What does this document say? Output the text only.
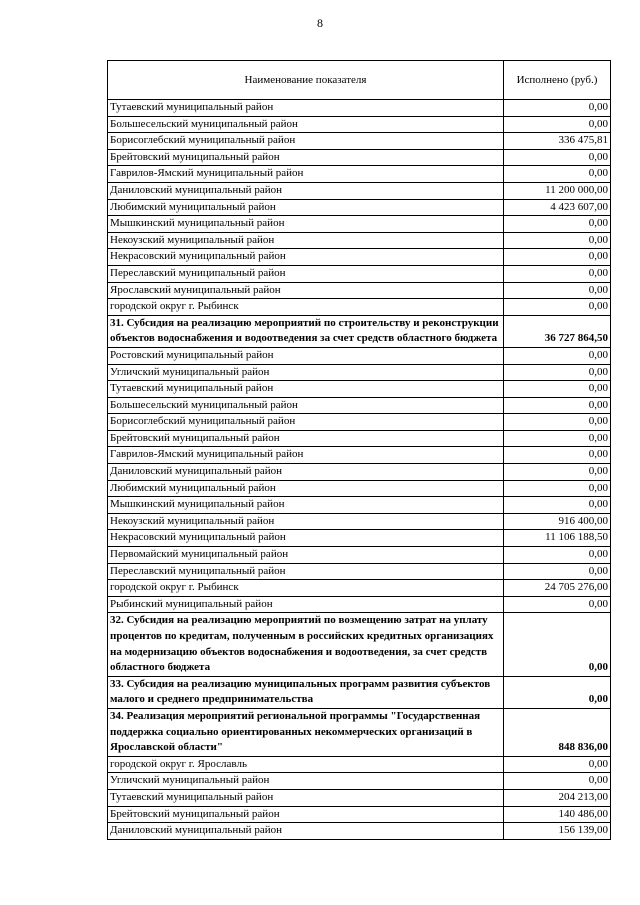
8
Наименование показателя	Исполнено (руб.)
Тутаевский муниципальный район	0,00
Большесельский муниципальный район	0,00
Борисоглебский муниципальный район	336 475,81
Брейтовский муниципальный район	0,00
Гаврилов-Ямский муниципальный район	0,00
Даниловский муниципальный район	11 200 000,00
Любимский муниципальный район	4 423 607,00
Мышкинский муниципальный район	0,00
Некоузский муниципальный район	0,00
Некрасовский муниципальный район	0,00
Переславский муниципальный район	0,00
Ярославский муниципальный район	0,00
городской округ г. Рыбинск	0,00
31. Субсидия на реализацию мероприятий по строительству и реконструкции объектов водоснабжения и водоотведения за счет средств областного бюджета	36 727 864,50
Ростовский муниципальный район	0,00
Угличский муниципальный район	0,00
Тутаевский муниципальный район	0,00
Большесельский муниципальный район	0,00
Борисоглебский муниципальный район	0,00
Брейтовский муниципальный район	0,00
Гаврилов-Ямский муниципальный район	0,00
Даниловский муниципальный район	0,00
Любимский муниципальный район	0,00
Мышкинский муниципальный район	0,00
Некоузский муниципальный район	916 400,00
Некрасовский муниципальный район	11 106 188,50
Первомайский муниципальный район	0,00
Переславский муниципальный район	0,00
городской округ г. Рыбинск	24 705 276,00
Рыбинский муниципальный район	0,00
32. Субсидия на реализацию мероприятий по возмещению затрат на уплату процентов по кредитам, полученным в российских кредитных организациях на модернизацию объектов водоснабжения и водоотведения, за счет средств областного бюджета	0,00
33. Субсидия на реализацию муниципальных программ развития субъектов малого и среднего предпринимательства	0,00
34. Реализация мероприятий региональной программы "Государственная поддержка социально ориентированных некоммерческих организаций в Ярославской области"	848 836,00
городской округ г. Ярославль	0,00
Угличский муниципальный район	0,00
Тутаевский муниципальный район	204 213,00
Брейтовский муниципальный район	140 486,00
Даниловский муниципальный район	156 139,00
